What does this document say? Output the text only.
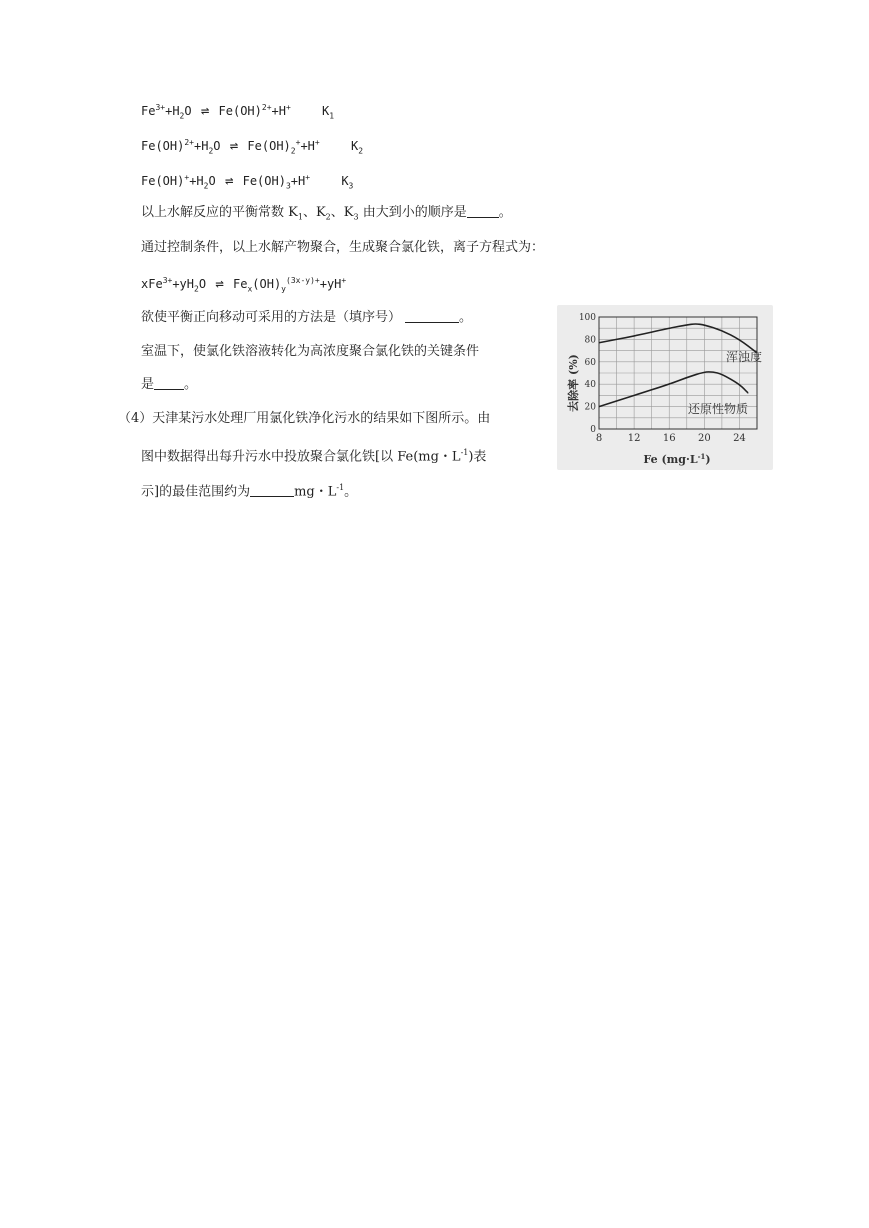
$Fe^{3+}+H_2O$ ⇌ Fe(OH)$^{2+}$+H+	$K_1$
$Fe(OH)^{2+}+H_2O$ ⇌ $Fe(OH)_2^++H^+$	$K_2$
$Fe(OH)^++H_2O$ ⇌ $Fe(OH)_3+H^+$	$K_3$
以上水解反应的平衡常数 $K_1$、$K_2$、$K_3$ 由大到小的顺序是 。
通过控制条件，以上水解产物聚合，生成聚合氯化铁，离子方程式为：
$xFe^{3+}+yH_2O$ ⇌ $Fe_x(OH)_y^{(3x-y)+}+yH^+$
欲使平衡正向移动可采用的方法是（填序号）	。
室温下，使氯化铁溶液转化为高浓度聚合氯化铁的关键条件
是 。
（4）天津某污水处理厂用氯化铁净化污水的结果如下图所示。由
图中数据得出每升污水中投放聚合氯化铁[以 Fe(mg・$L^{-1}$)表
示]的最佳范围约为	mg・$L^{-1}$。
8	12 16 20 24
0
20
40
60
80
100
去除率 (%)
Fe $(mg\cdot L^{-1})$
浑浊度
还原性物质
